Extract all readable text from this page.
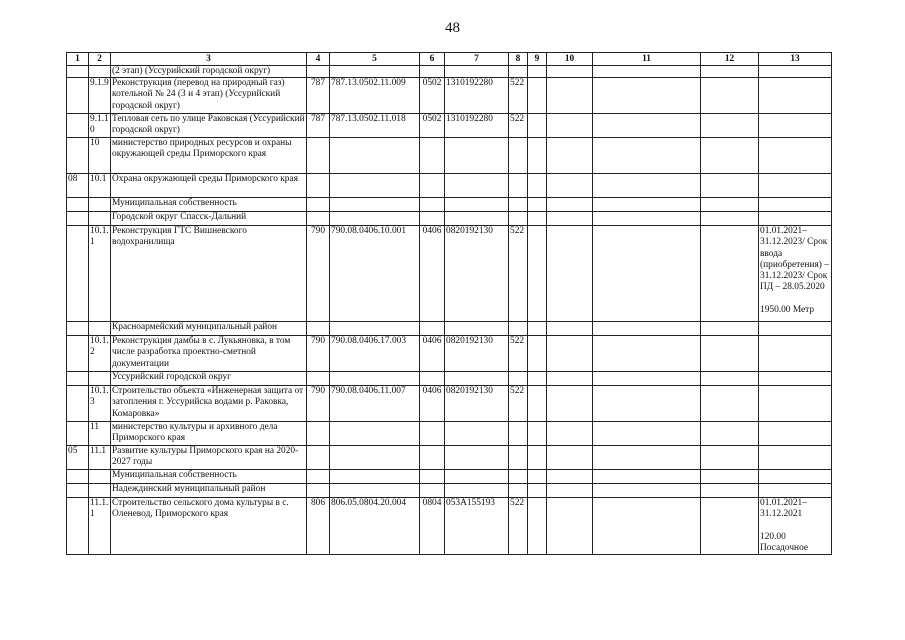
48
1	2	3	4	5	6	7	8	9	10	11	12	13
		(2 этап) (Уссурийский городской округ)										
	9.1.9	Реконструкция (перевод на природный газ) котельной № 24 (3 и 4 этап) (Уссурийский городской округ)	787	787.13.0502.11.009	0502	1310192280	522					
	9.1.1 0	Тепловая сеть по улице Раковская (Уссурийский городской округ)	787	787.13.0502.11.018	0502	1310192280	522					
	10	министерство природных ресурсов и охраны окружающей среды Приморского края										
08	10.1	Охрана окружающей среды Приморского края										
		Муниципальная собственность										
		Городской округ Спасск-Дальний										
	10.1. 1	Реконструкция ГТС Вишневского водохранилища	790	790.08.0406.10.001	0406	0820192130	522					01.01.2021–31.12.2023/ Срок ввода (приобретения) – 31.12.2023/ Срок ПД – 28.05.2020

1950.00 Метр
		Красноармейский муниципальный район										
	10.1. 2	Реконструкция дамбы в с. Лукьяновка, в том числе разработка проектно-сметной документации	790	790.08.0406.17.003	0406	0820192130	522					
		Уссурийский городской округ										
	10.1. 3	Строительство объекта «Инженерная защита от затопления г. Уссурийска водами р. Раковка, Комаровка»	790	790.08.0406.11.007	0406	0820192130	522					
	11	министерство культуры и архивного дела Приморского края										
05	11.1	Развитие культуры Приморского края на 2020-2027 годы										
		Муниципальная собственность										
		Надеждинский муниципальный район										
	11.1. 1	Строительство сельского дома культуры в с. Оленевод, Приморского края	806	806.05.0804.20.004	0804	053А155193	522					01.01.2021–31.12.2021

120.00 Посадочное
